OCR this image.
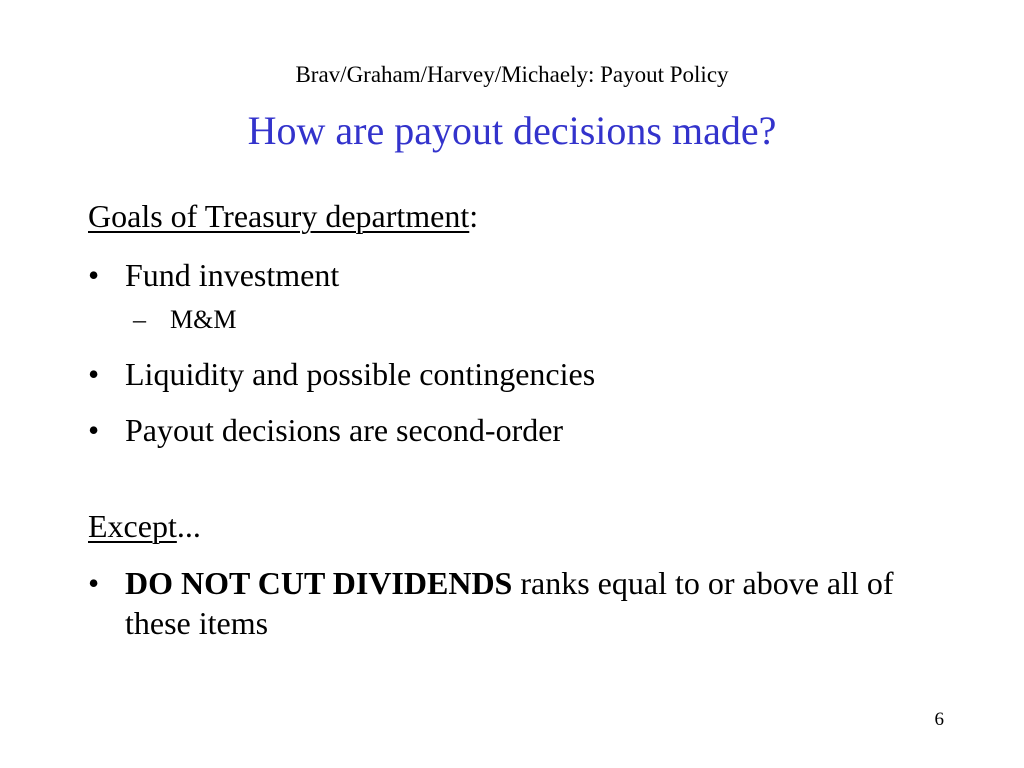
Brav/Graham/Harvey/Michaely: Payout Policy
How are payout decisions made?
Goals of Treasury department:
• Fund investment
– M&M
• Liquidity and possible contingencies
• Payout decisions are second-order
Except...
• DO NOT CUT DIVIDENDS ranks equal to or above all of these items
6
